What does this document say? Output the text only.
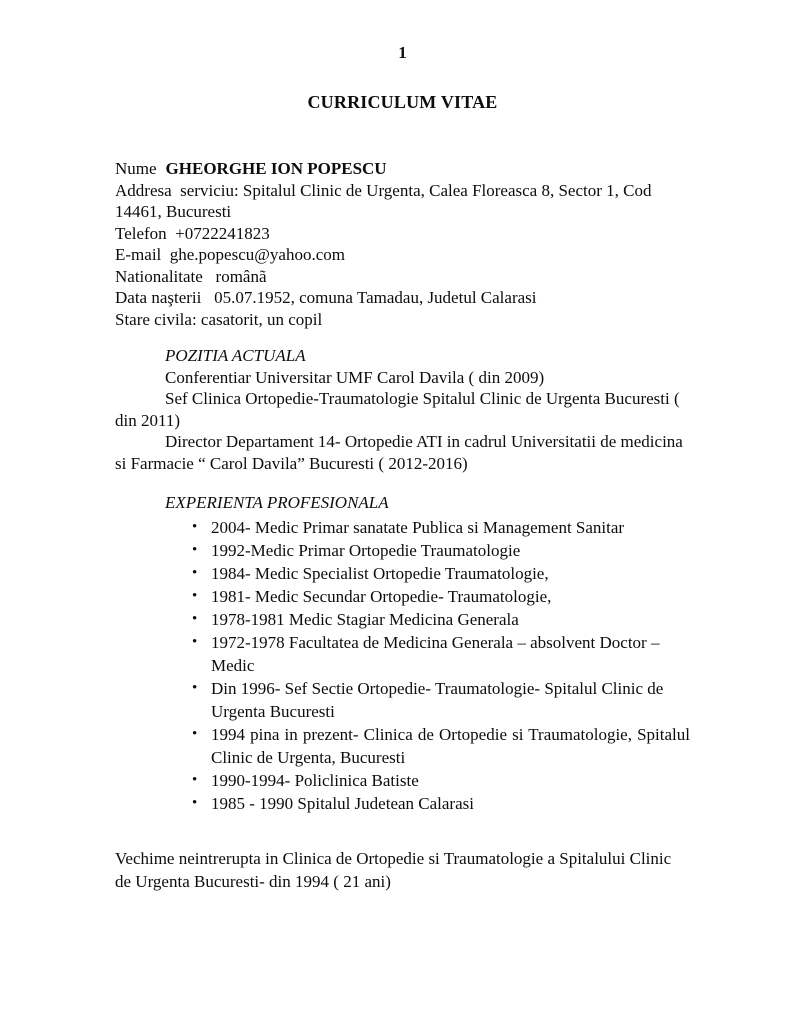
1

CURRICULUM VITAE

Nume GHEORGHE ION POPESCU

Addresa  serviciu: Spitalul Clinic de Urgenta, Calea Floreasca 8, Sector 1, Cod 14461, Bucuresti

Telefon  +0722241823

E-mail  ghe.popescu@yahoo.com

Nationalitate   românã

Data naşterii   05.07.1952, comuna Tamadau, Judetul Calarasi

Stare civila: casatorit, un copil

POZITIA ACTUALA

Conferentiar Universitar UMF Carol Davila ( din 2009)

Sef Clinica Ortopedie-Traumatologie Spitalul Clinic de Urgenta Bucuresti ( din 2011)

Director Departament 14- Ortopedie ATI in cadrul Universitatii de medicina si Farmacie “ Carol Davila” Bucuresti ( 2012-2016)

EXPERIENTA PROFESIONALA
• 2004- Medic Primar sanatate Publica si Management Sanitar
• 1992-Medic Primar Ortopedie Traumatologie
• 1984- Medic Specialist Ortopedie Traumatologie,
• 1981- Medic Secundar Ortopedie- Traumatologie,
• 1978-1981 Medic Stagiar Medicina Generala
• 1972-1978 Facultatea de Medicina Generala – absolvent Doctor – Medic
• Din 1996- Sef Sectie Ortopedie- Traumatologie- Spitalul Clinic de Urgenta Bucuresti
• 1994 pina in prezent- Clinica de Ortopedie si Traumatologie, Spitalul Clinic de Urgenta, Bucuresti
• 1990-1994- Policlinica Batiste
• 1985 - 1990 Spitalul Judetean Calarasi

Vechime neintrerupta in Clinica de Ortopedie si Traumatologie a Spitalului Clinic de Urgenta Bucuresti- din 1994 ( 21 ani)
